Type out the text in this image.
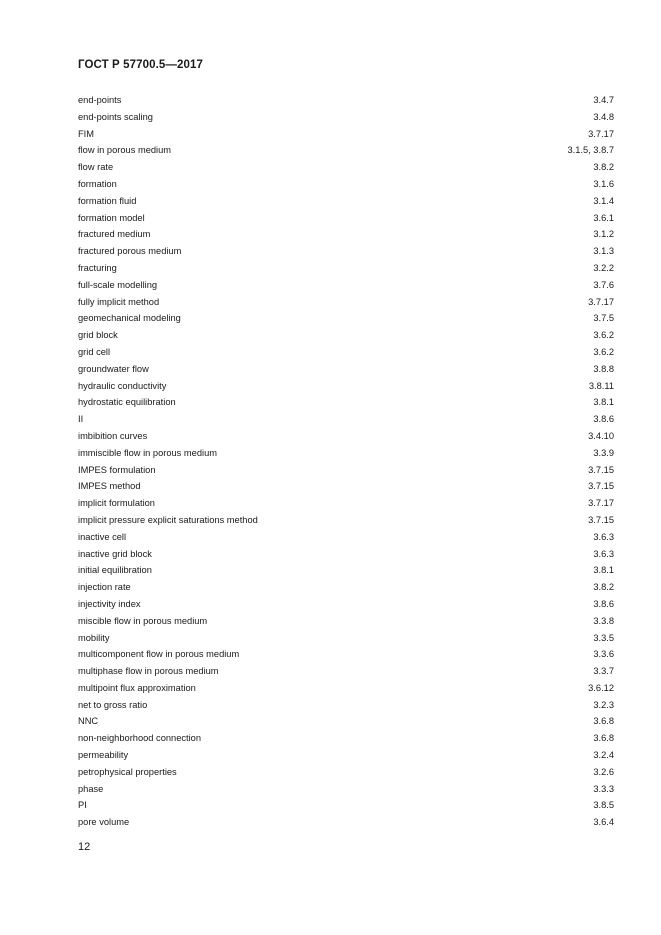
ГОСТ Р 57700.5—2017
end-points	3.4.7
end-points scaling	3.4.8
FIM	3.7.17
flow in porous medium	3.1.5, 3.8.7
flow rate	3.8.2
formation	3.1.6
formation fluid	3.1.4
formation model	3.6.1
fractured medium	3.1.2
fractured porous medium	3.1.3
fracturing	3.2.2
full-scale modelling	3.7.6
fully implicit method	3.7.17
geomechanical modeling	3.7.5
grid block	3.6.2
grid cell	3.6.2
groundwater flow	3.8.8
hydraulic conductivity	3.8.11
hydrostatic equilibration	3.8.1
II	3.8.6
imbibition curves	3.4.10
immiscible flow in porous medium	3.3.9
IMPES formulation	3.7.15
IMPES method	3.7.15
implicit formulation	3.7.17
implicit pressure explicit saturations method	3.7.15
inactive cell	3.6.3
inactive grid block	3.6.3
initial equilibration	3.8.1
injection rate	3.8.2
injectivity index	3.8.6
miscible flow in porous medium	3.3.8
mobility	3.3.5
multicomponent flow in porous medium	3.3.6
multiphase flow in porous medium	3.3.7
multipoint flux approximation	3.6.12
net to gross ratio	3.2.3
NNC	3.6.8
non-neighborhood connection	3.6.8
permeability	3.2.4
petrophysical properties	3.2.6
phase	3.3.3
PI	3.8.5
pore volume	3.6.4
12
